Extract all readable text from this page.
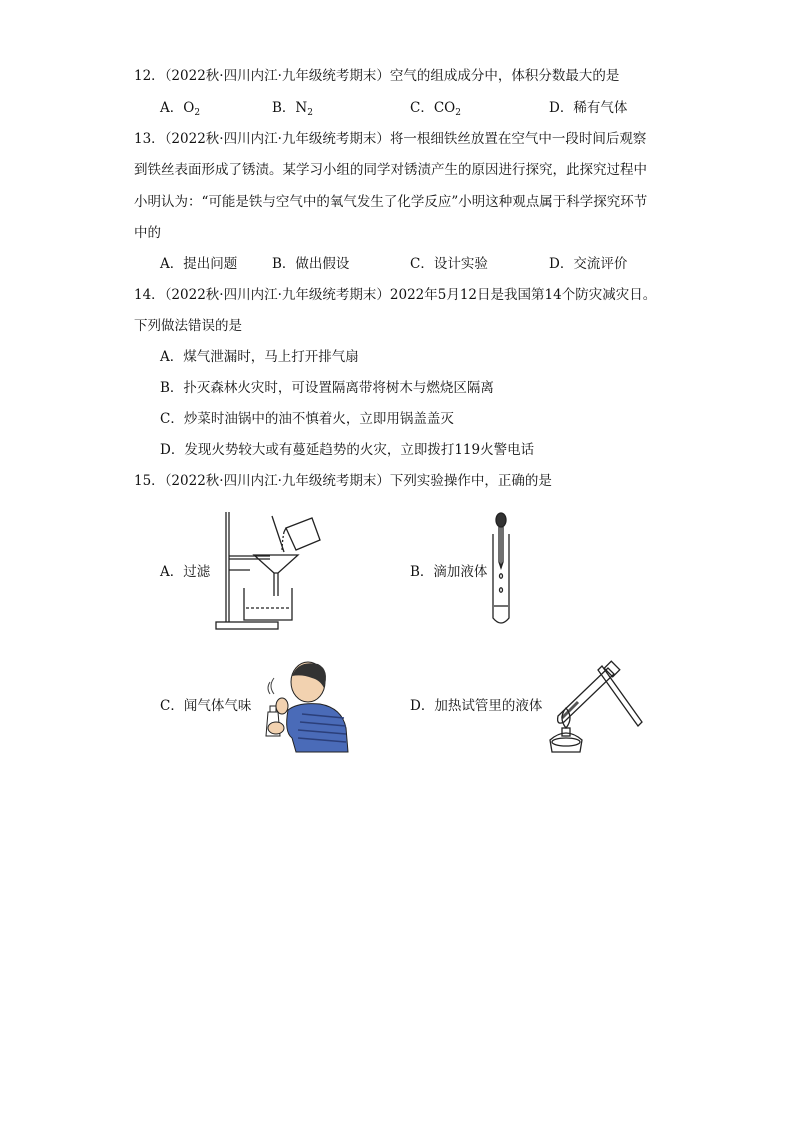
12．（2022秋·四川内江·九年级统考期末）空气的组成成分中，体积分数最大的是
A．$O_2$	B．$N_2$	C．$CO_2$	D．稀有气体
13．（2022秋·四川内江·九年级统考期末）将一根细铁丝放置在空气中一段时间后观察
到铁丝表面形成了锈渍。某学习小组的同学对锈渍产生的原因进行探究，此探究过程中
小明认为：“可能是铁与空气中的氧气发生了化学反应”小明这种观点属于科学探究环节
中的
A．提出问题	B．做出假设	C．设计实验	D．交流评价
14．（2022秋·四川内江·九年级统考期末）2022年5月12日是我国第14个防灾减灾日。
下列做法错误的是
A．煤气泄漏时，马上打开排气扇
B．扑灭森林火灾时，可设置隔离带将树木与燃烧区隔离
C．炒菜时油锅中的油不慎着火，立即用锅盖盖灭
D．发现火势较大或有蔓延趋势的火灾，立即拨打119火警电话
15．（2022秋·四川内江·九年级统考期末）下列实验操作中，正确的是
A．过滤	B．滴加液体
C．闻气体气味	D．加热试管里的液体
